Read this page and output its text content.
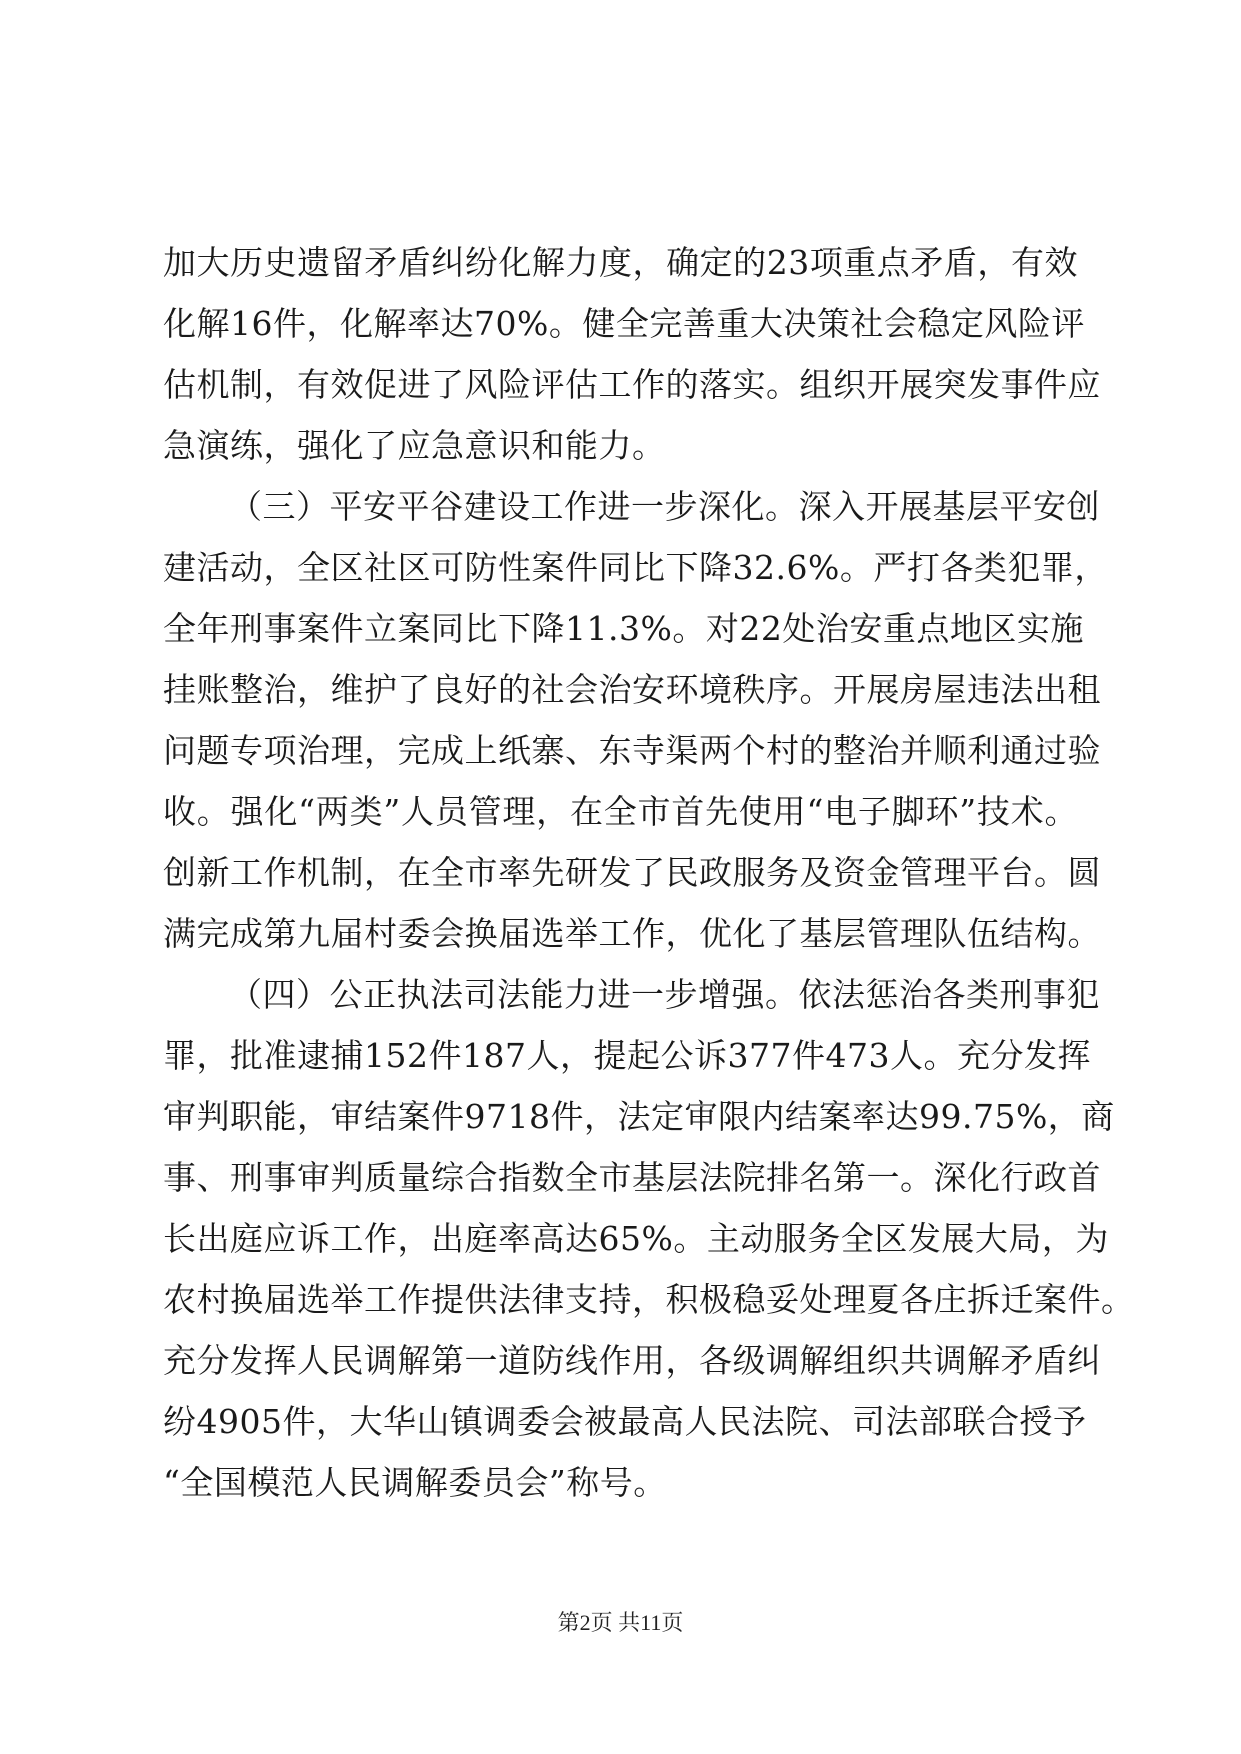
加大历史遗留矛盾纠纷化解力度，确定的23项重点矛盾，有效
化解16件，化解率达70%。健全完善重大决策社会稳定风险评
估机制，有效促进了风险评估工作的落实。组织开展突发事件应
急演练，强化了应急意识和能力。
（三）平安平谷建设工作进一步深化。深入开展基层平安创
建活动，全区社区可防性案件同比下降32.6%。严打各类犯罪，
全年刑事案件立案同比下降11.3%。对22处治安重点地区实施
挂账整治，维护了良好的社会治安环境秩序。开展房屋违法出租
问题专项治理，完成上纸寨、东寺渠两个村的整治并顺利通过验
收。强化“两类”人员管理，在全市首先使用“电子脚环”技术。
创新工作机制，在全市率先研发了民政服务及资金管理平台。圆
满完成第九届村委会换届选举工作，优化了基层管理队伍结构。
（四）公正执法司法能力进一步增强。依法惩治各类刑事犯
罪，批准逮捕152件187人，提起公诉377件473人。充分发挥
审判职能，审结案件9718件，法定审限内结案率达99.75%，商
事、刑事审判质量综合指数全市基层法院排名第一。深化行政首
长出庭应诉工作，出庭率高达65%。主动服务全区发展大局，为
农村换届选举工作提供法律支持，积极稳妥处理夏各庄拆迁案件。
充分发挥人民调解第一道防线作用，各级调解组织共调解矛盾纠
纷4905件，大华山镇调委会被最高人民法院、司法部联合授予
“全国模范人民调解委员会”称号。
第2页 共11页
